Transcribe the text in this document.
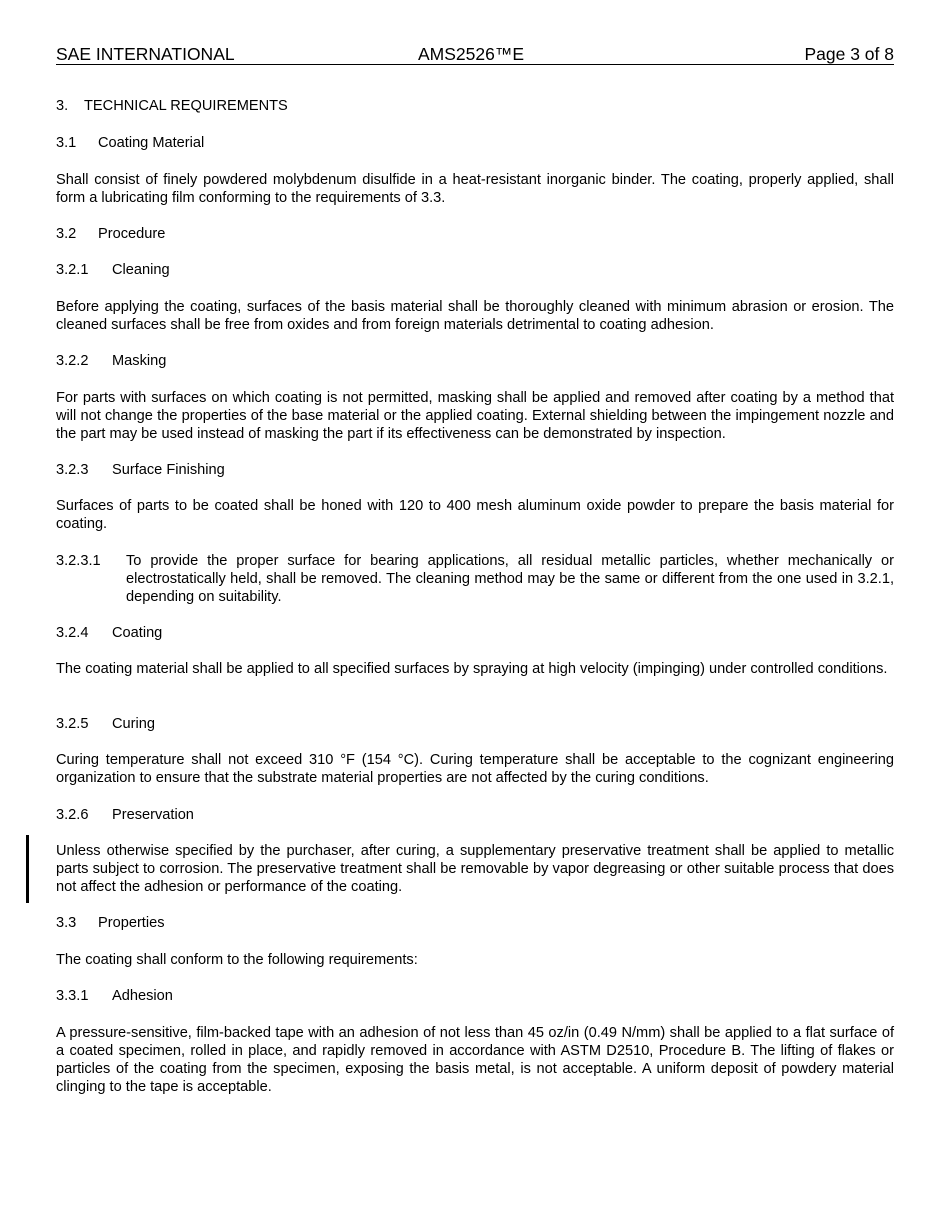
SAE INTERNATIONAL	AMS2526™E	Page 3 of 8
3. TECHNICAL REQUIREMENTS
3.1 Coating Material
Shall consist of finely powdered molybdenum disulfide in a heat-resistant inorganic binder. The coating, properly applied, shall form a lubricating film conforming to the requirements of 3.3.
3.2 Procedure
3.2.1 Cleaning
Before applying the coating, surfaces of the basis material shall be thoroughly cleaned with minimum abrasion or erosion. The cleaned surfaces shall be free from oxides and from foreign materials detrimental to coating adhesion.
3.2.2 Masking
For parts with surfaces on which coating is not permitted, masking shall be applied and removed after coating by a method that will not change the properties of the base material or the applied coating. External shielding between the impingement nozzle and the part may be used instead of masking the part if its effectiveness can be demonstrated by inspection.
3.2.3 Surface Finishing
Surfaces of parts to be coated shall be honed with 120 to 400 mesh aluminum oxide powder to prepare the basis material for coating.
3.2.3.1 To provide the proper surface for bearing applications, all residual metallic particles, whether mechanically or electrostatically held, shall be removed. The cleaning method may be the same or different from the one used in 3.2.1, depending on suitability.
3.2.4 Coating
The coating material shall be applied to all specified surfaces by spraying at high velocity (impinging) under controlled conditions.
3.2.5 Curing
Curing temperature shall not exceed 310 °F (154 °C). Curing temperature shall be acceptable to the cognizant engineering organization to ensure that the substrate material properties are not affected by the curing conditions.
3.2.6 Preservation
Unless otherwise specified by the purchaser, after curing, a supplementary preservative treatment shall be applied to metallic parts subject to corrosion. The preservative treatment shall be removable by vapor degreasing or other suitable process that does not affect the adhesion or performance of the coating.
3.3 Properties
The coating shall conform to the following requirements:
3.3.1 Adhesion
A pressure-sensitive, film-backed tape with an adhesion of not less than 45 oz/in (0.49 N/mm) shall be applied to a flat surface of a coated specimen, rolled in place, and rapidly removed in accordance with ASTM D2510, Procedure B. The lifting of flakes or particles of the coating from the specimen, exposing the basis metal, is not acceptable. A uniform deposit of powdery material clinging to the tape is acceptable.
